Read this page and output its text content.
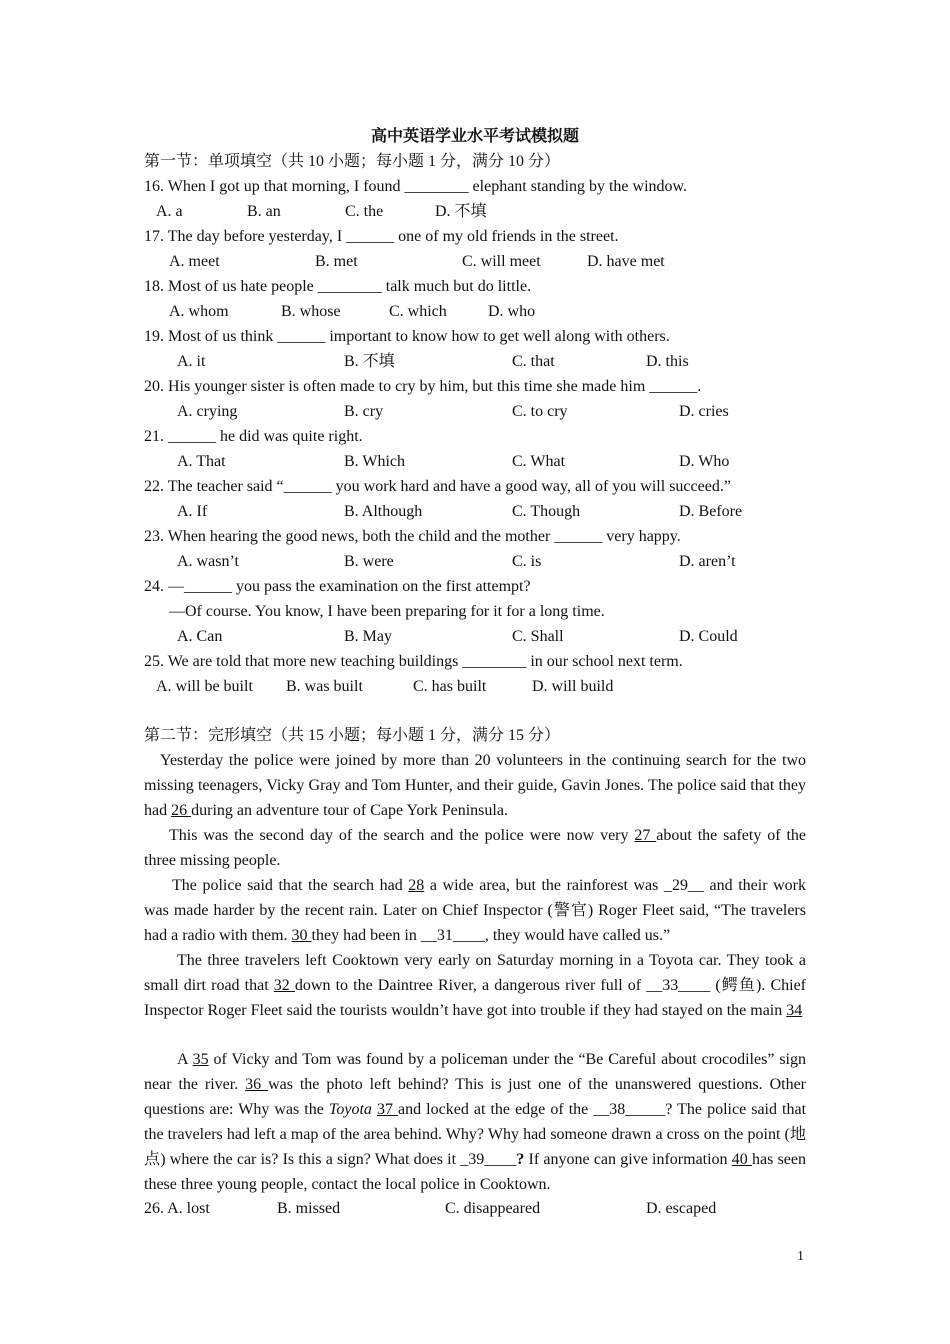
高中英语学业水平考试模拟题
第一节：单项填空（共 10 小题；每小题 1 分，满分 10 分）
16. When I got up that morning, I found ________ elephant standing by the window.
A. a	B. an	C. the	D. 不填
17. The day before yesterday, I ______ one of my old friends in the street.
A. meet	B. met	C. will meet	D. have met
18. Most of us hate people ________ talk much but do little.
A. whom	B. whose	C. which	D. who
19. Most of us think ______ important to know how to get well along with others.
A. it	B. 不填	C. that	D. this
20. His younger sister is often made to cry by him, but this time she made him ______.
A. crying	B. cry	C. to cry	D. cries
21. ______ he did was quite right.
A. That	B. Which	C. What	D. Who
22. The teacher said “______ you work hard and have a good way, all of you will succeed.”
A. If	B. Although	C. Though	D. Before
23. When hearing the good news, both the child and the mother ______ very happy.
A. wasn’t	B. were	C. is	D. aren’t
24. —______ you pass the examination on the first attempt?
—Of course. You know, I have been preparing for it for a long time.
A. Can	B. May	C. Shall	D. Could
25. We are told that more new teaching buildings ________ in our school next term.
A. will be built B. was built	C. has built	D. will build
第二节：完形填空（共 15 小题；每小题 1 分，满分 15 分）
Yesterday the police were joined by more than 20 volunteers in the continuing search for the two missing teenagers, Vicky Gray and Tom Hunter, and their guide, Gavin Jones. The police said that they had 26 during an adventure tour of Cape York Peninsula.
This was the second day of the search and the police were now very 27 about the safety of the three missing people.
The police said that the search had 28 a wide area, but the rainforest was _29__ and their work was made harder by the recent rain. Later on Chief Inspector (警官) Roger Fleet said, “The travelers had a radio with them. 30 they had been in __31____, they would have called us.”
The three travelers left Cooktown very early on Saturday morning in a Toyota car. They took a small dirt road that 32 down to the Daintree River, a dangerous river full of __33____ (鳄鱼). Chief Inspector Roger Fleet said the tourists wouldn’t have got into trouble if they had stayed on the main 34
A 35 of Vicky and Tom was found by a policeman under the “Be Careful about crocodiles” sign near the river. 36 was the photo left behind? This is just one of the unanswered questions. Other questions are: Why was the Toyota 37 and locked at the edge of the __38_____? The police said that the travelers had left a map of the area behind. Why? Why had someone drawn a cross on the point (地点) where the car is? Is this a sign? What does it _39____? If anyone can give information 40 has seen these three young people, contact the local police in Cooktown.
26. A. lost	B. missed	C. disappeared	D. escaped
1
